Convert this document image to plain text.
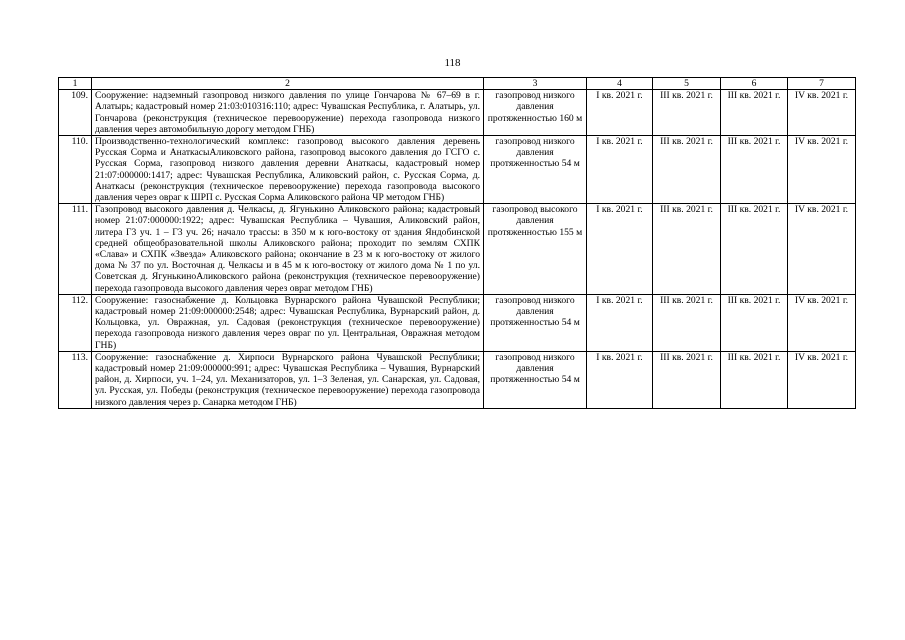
118
1	2	3	4	5	6	7
109.	Сооружение: надземный газопровод низкого давления по улице Гончарова № 67–69 в г. Алатырь; кадастровый номер 21:03:010316:110; адрес: Чувашская Республика, г. Алатырь, ул. Гончарова (реконструкция (техническое перевооружение) перехода газопровода низкого давления через автомобильную дорогу методом ГНБ)	газопровод низкого давления протяженностью 160 м	I кв. 2021 г.	III кв. 2021 г.	III кв. 2021 г.	IV кв. 2021 г.
110.	Производственно-технологический комплекс: газопровод высокого давления деревень Русская Сорма и АнаткасыАликовского района, газопровод высокого давления до ГСГО с. Русская Сорма, газопровод низкого давления деревни Анаткасы, кадастровый номер 21:07:000000:1417; адрес: Чувашская Республика, Аликовский район, с. Русская Сорма, д. Анаткасы (реконструкция (техническое перевооружение) перехода газопровода высокого давления через овраг к ШРП с. Русская Сорма Аликовского района ЧР методом ГНБ)	газопровод низкого давления протяженностью 54 м	I кв. 2021 г.	III кв. 2021 г.	III кв. 2021 г.	IV кв. 2021 г.
111.	Газопровод высокого давления д. Челкасы, д. Ягунькино Аликовского района; кадастровый номер 21:07:000000:1922; адрес: Чувашская Республика – Чувашия, Аликовский район, литера Г3 уч. 1 – Г3 уч. 26; начало трассы: в 350 м к юго-востоку от здания Яндобинской средней общеобразовательной школы Аликовского района; проходит по землям СХПК «Слава» и СХПК «Звезда» Аликовского района; окончание в 23 м к юго-востоку от жилого дома № 37 по ул. Восточная д. Челкасы и в 45 м к юго-востоку от жилого дома № 1 по ул. Советская д. ЯгунькиноАликовского района (реконструкция (техническое перевооружение) перехода газопровода высокого давления через овраг методом ГНБ)	газопровод высокого давления протяженностью 155 м	I кв. 2021 г.	III кв. 2021 г.	III кв. 2021 г.	IV кв. 2021 г.
112.	Сооружение: газоснабжение д. Кольцовка Вурнарского района Чувашской Республики; кадастровый номер 21:09:000000:2548; адрес: Чувашская Республика, Вурнарский район, д. Кольцовка, ул. Овражная, ул. Садовая (реконструкция (техническое перевооружение) перехода газопровода низкого давления через овраг по ул. Центральная, Овражная методом ГНБ)	газопровод низкого давления протяженностью 54 м	I кв. 2021 г.	III кв. 2021 г.	III кв. 2021 г.	IV кв. 2021 г.
113.	Сооружение: газоснабжение д. Хирпоси Вурнарского района Чувашской Республики; кадастровый номер 21:09:000000:991; адрес: Чувашская Республика – Чувашия, Вурнарский район, д. Хирпоси, уч. 1–24, ул. Механизаторов, ул. 1–3 Зеленая, ул. Санарская, ул. Садовая, ул. Русская, ул. Победы (реконструкция (техническое перевооружение) перехода газопровода низкого давления через р. Санарка методом ГНБ)	газопровод низкого давления протяженностью 54 м	I кв. 2021 г.	III кв. 2021 г.	III кв. 2021 г.	IV кв. 2021 г.
